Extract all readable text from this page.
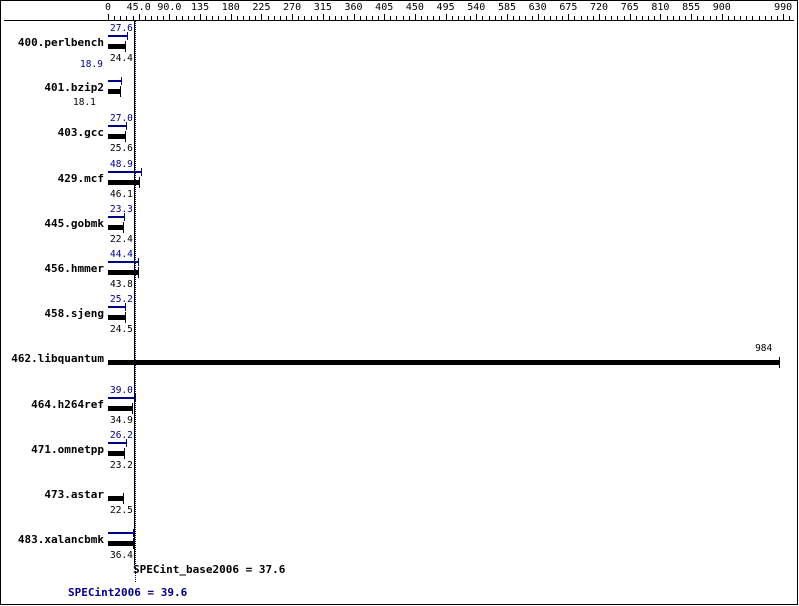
0	45.0 90.0 135	180	225	270	315	360	405	450	495	540	585	630	675	720	765	810	855	900	990
400.perlbench
27.6
24.4
401.bzip2
18.9
18.1
403.gcc
27.0
25.6
429.mcf
48.9
46.1
445.gobmk
23.3
22.4
456.hmmer
44.4
43.8
458.sjeng
25.2
24.5
462.libquantum
984
464.h264ref
39.0
34.9
471.omnetpp
26.2
23.2
473.astar
22.5
483.xalancbmk
36.4
SPECint_base2006 = 37.6
SPECint2006 = 39.6
